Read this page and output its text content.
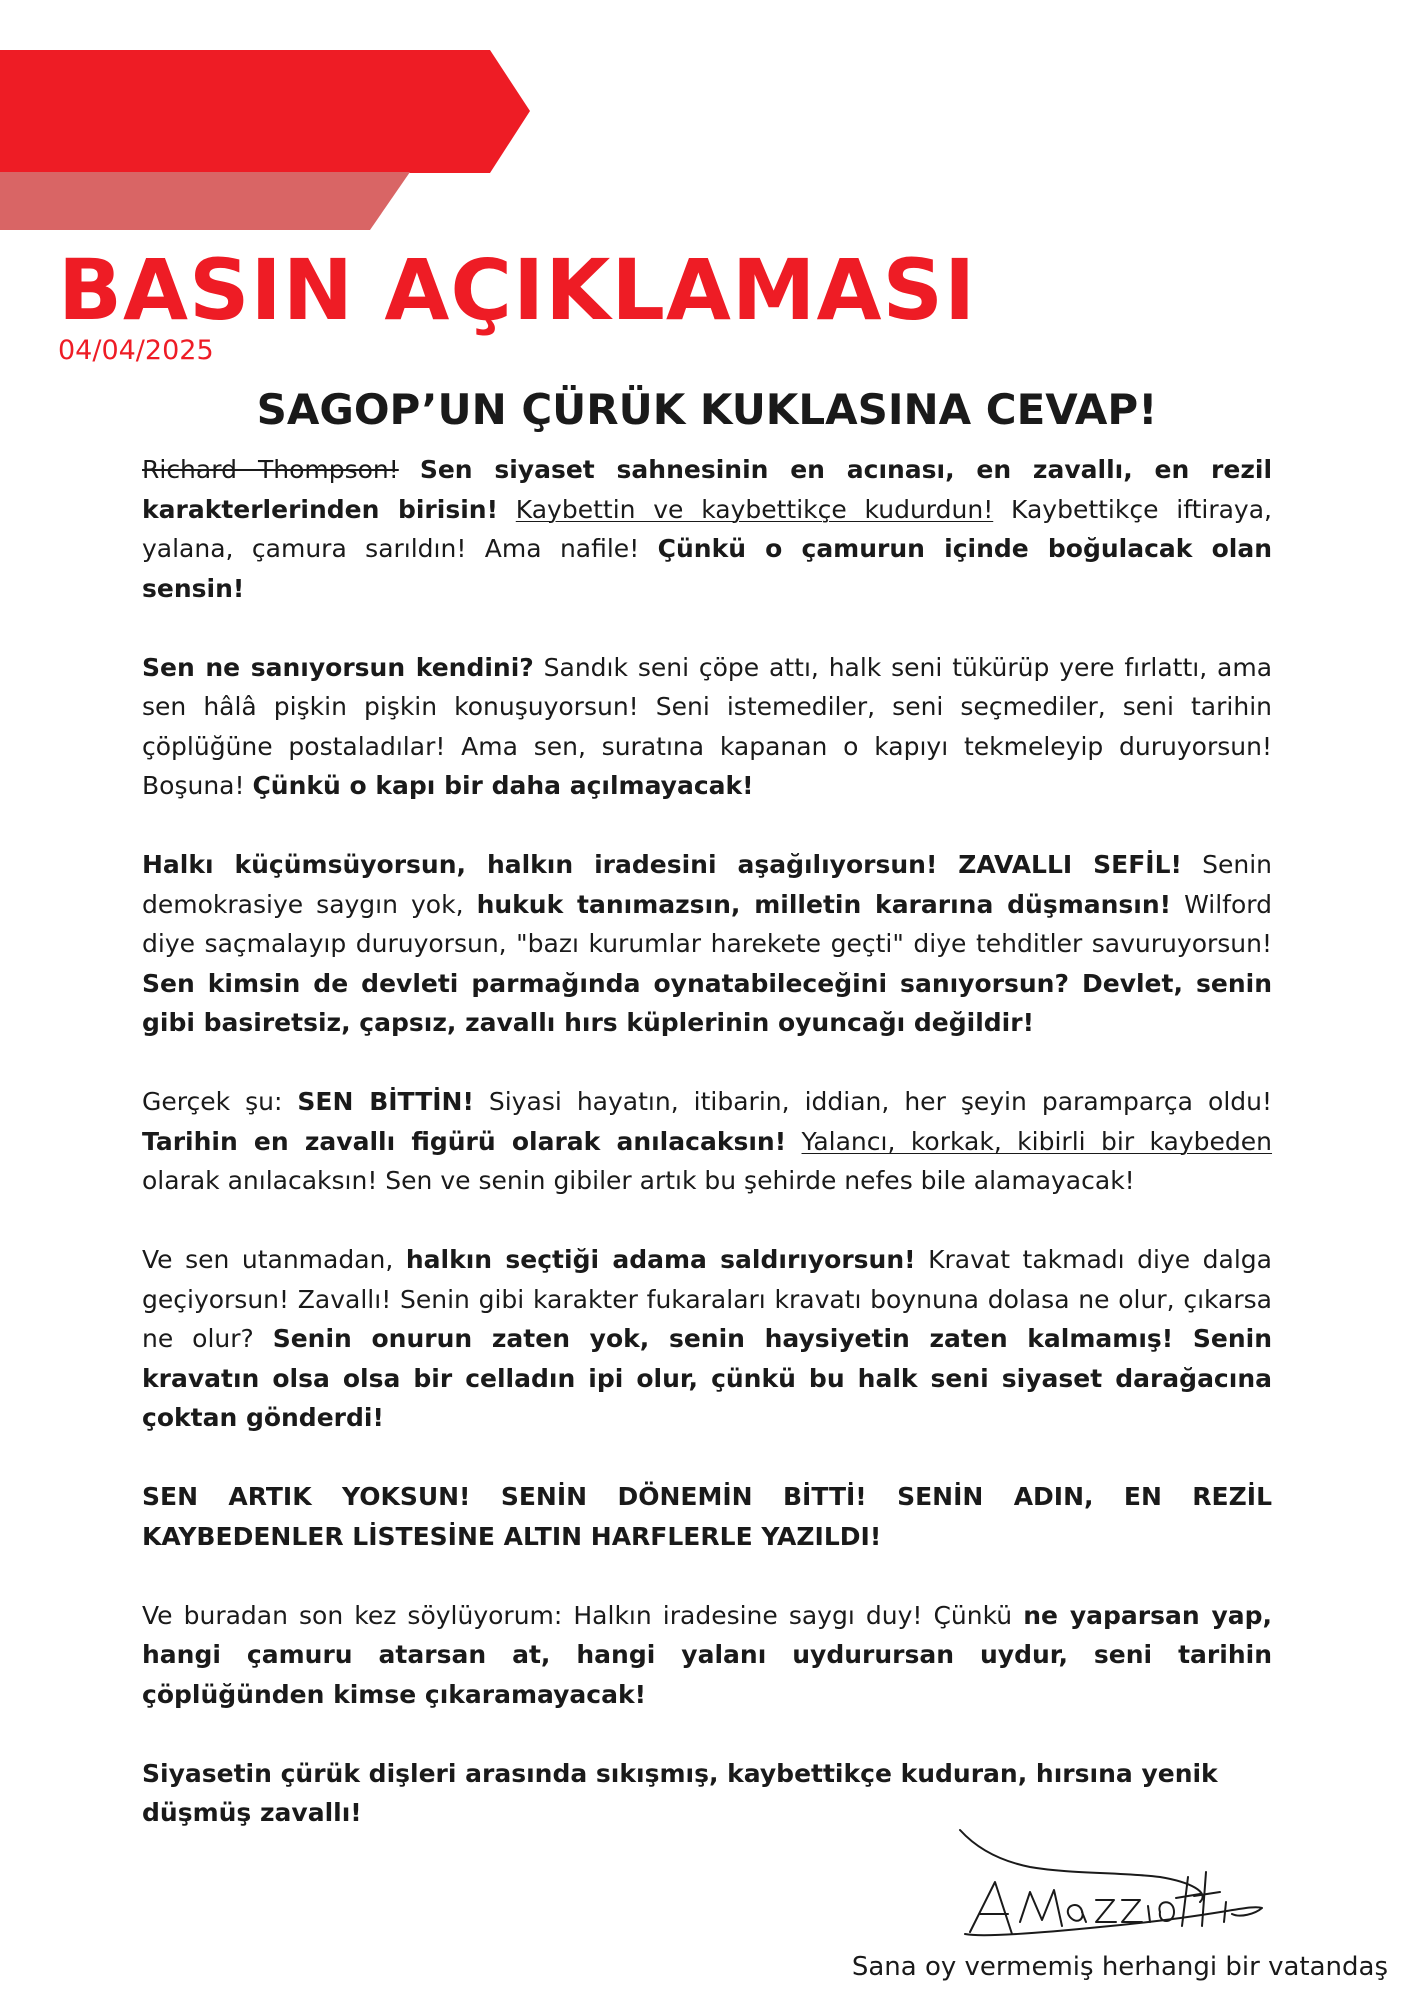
BASIN AÇIKLAMASI
04/04/2025
SAGOP’UN ÇÜRÜK KUKLASINA CEVAP!

Richard Thompson! Sen siyaset sahnesinin en acınası, en zavallı, en rezil karakterlerinden birisin! Kaybettin ve kaybettikçe kudurdun! Kaybettikçe iftiraya, yalana, çamura sarıldın! Ama nafile! Çünkü o çamurun içinde boğulacak olan sensin!

Sen ne sanıyorsun kendini? Sandık seni çöpe attı, halk seni tükürüp yere fırlattı, ama sen hâlâ pişkin pişkin konuşuyorsun! Seni istemediler, seni seçmediler, seni tarihin çöplüğüne postaladılar! Ama sen, suratına kapanan o kapıyı tekmeleyip duruyorsun! Boşuna! Çünkü o kapı bir daha açılmayacak!

Halkı küçümsüyorsun, halkın iradesini aşağılıyorsun! ZAVALLI SEFİL! Senin demokrasiye saygın yok, hukuk tanımazsın, milletin kararına düşmansın! Wilford diye saçmalayıp duruyorsun, "bazı kurumlar harekete geçti" diye tehditler savuruyorsun! Sen kimsin de devleti parmağında oynatabileceğini sanıyorsun? Devlet, senin gibi basiretsiz, çapsız, zavallı hırs küplerinin oyuncağı değildir!

Gerçek şu: SEN BİTTİN! Siyasi hayatın, itibarin, iddian, her şeyin paramparça oldu! Tarihin en zavallı figürü olarak anılacaksın! Yalancı, korkak, kibirli bir kaybeden olarak anılacaksın! Sen ve senin gibiler artık bu şehirde nefes bile alamayacak!

Ve sen utanmadan, halkın seçtiği adama saldırıyorsun! Kravat takmadı diye dalga geçiyorsun! Zavallı! Senin gibi karakter fukaraları kravatı boynuna dolasa ne olur, çıkarsa ne olur? Senin onurun zaten yok, senin haysiyetin zaten kalmamış! Senin kravatın olsa olsa bir celladın ipi olur, çünkü bu halk seni siyaset darağacına çoktan gönderdi!

SEN ARTIK YOKSUN! SENİN DÖNEMİN BİTTİ! SENİN ADIN, EN REZİL KAYBEDENLER LİSTESİNE ALTIN HARFLERLE YAZILDI!

Ve buradan son kez söylüyorum: Halkın iradesine saygı duy! Çünkü ne yaparsan yap, hangi çamuru atarsan at, hangi yalanı uydurursan uydur, seni tarihin çöplüğünden kimse çıkaramayacak!

Siyasetin çürük dişleri arasında sıkışmış, kaybettikçe kuduran, hırsına yenik düşmüş zavallı!

Sana oy vermemiş herhangi bir vatandaş
